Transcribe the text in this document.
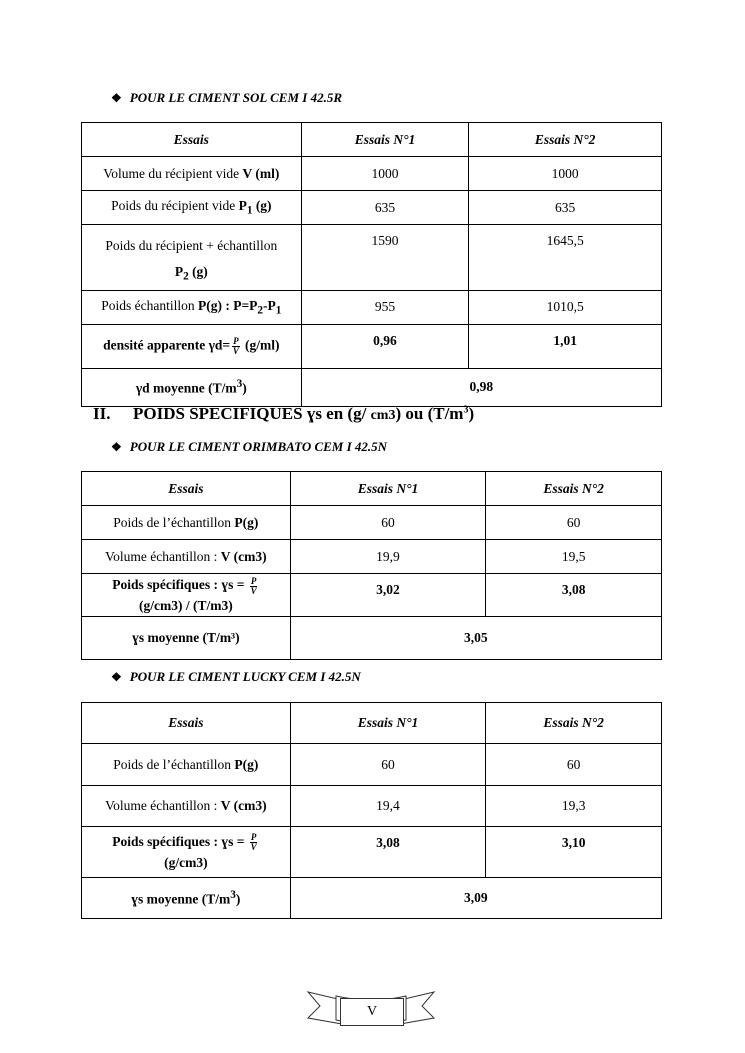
❖ POUR LE CIMENT SOL CEM I 42.5R
Essais	Essais N°1	Essais N°2
Volume du récipient vide V (ml)	1000	1000
Poids du récipient vide $P_1$ (g)	635	635
Poids du récipient + échantillon
$P_2$ (g)	1590	1645,5
Poids échantillon P(g) : $P=P_2-P_1$	955	1010,5
densité apparente $\gamma d= \frac{P}{V} (g/ml)$	0,96	1,01
γd moyenne $(T/m^3)$	0,98	
II. POIDS SPECIFIQUES ɣs en (g/ cm3) ou $(T/m^3)$
❖ POUR LE CIMENT ORIMBATO CEM I 42.5N
Essais	Essais N°1	Essais N°2
Poids de l’échantillon P(g)	60	60
Volume échantillon : V (cm3)	19,9	19,5
Poids spécifiques : ɣs = $\frac{P}{V}$

(g/cm3) / (T/m3)	3,02	3,08
ɣs moyenne (T/m³)	3,05	
❖ POUR LE CIMENT LUCKY CEM I 42.5N
Essais	Essais N°1	Essais N°2
Poids de l’échantillon P(g)	60	60
Volume échantillon : V (cm3)	19,4	19,3
Poids spécifiques : ɣs = $\frac{P}{V}$

(g/cm3)	3,08	3,10
ɣs moyenne $(T/m^3)$	3,09	
V
